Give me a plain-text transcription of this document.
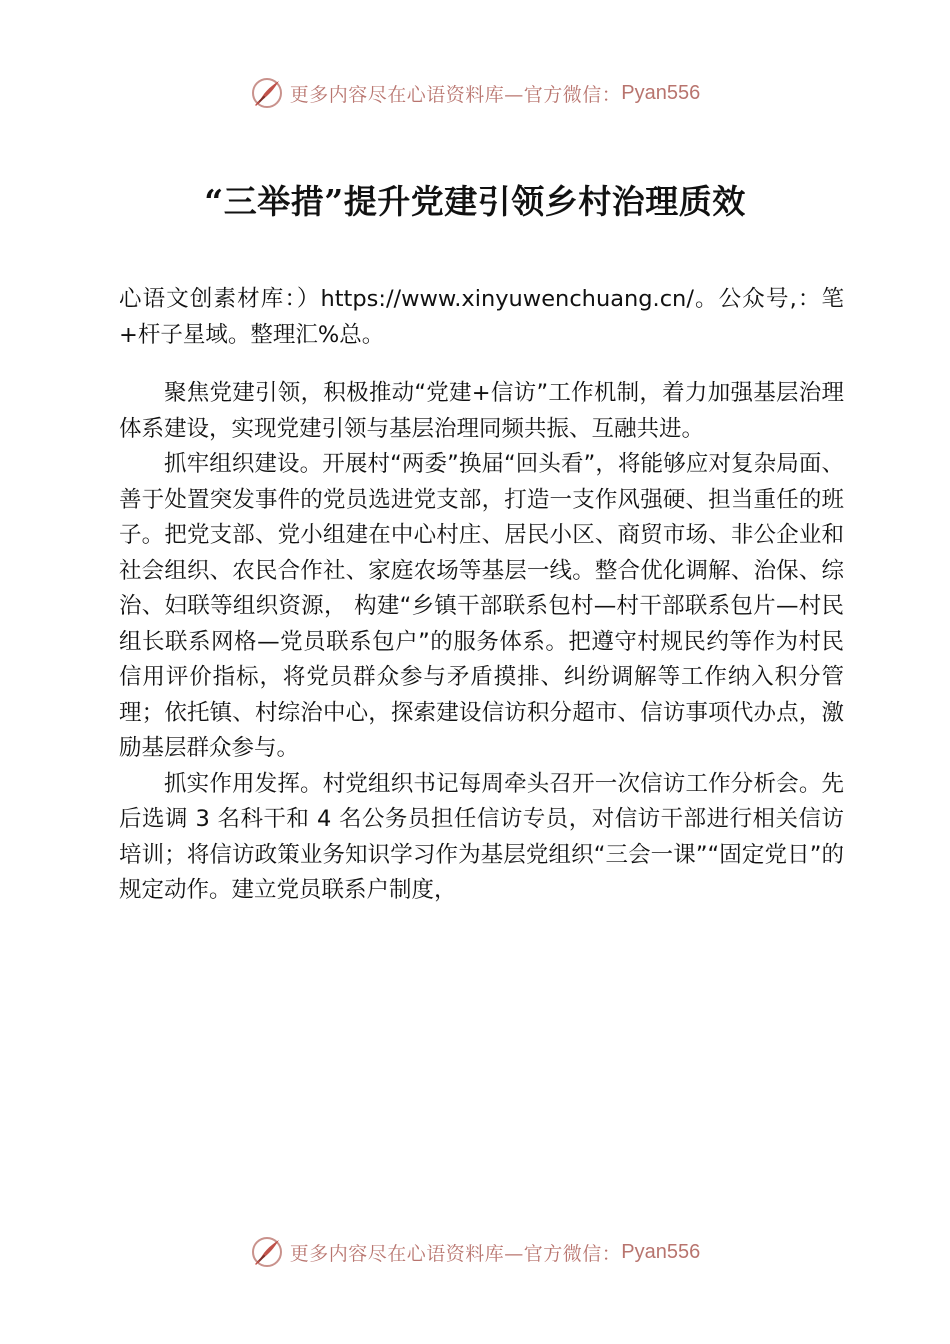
更多内容尽在心语资料库—官方微信： Pyan556
“三举措”提升党建引领乡村治理质效

心语文创素材库：）https://www.xinyuwenchuang.cn/。公众号,：笔+杆子星域。整理汇%总。

聚焦党建引领，积极推动“党建+信访”工作机制，着力加强基层治理体系建设，实现党建引领与基层治理同频共振、互融共进。

抓牢组织建设。开展村“两委”换届“回头看”，将能够应对复杂局面、善于处置突发事件的党员选进党支部，打造一支作风强硬、担当重任的班子。把党支部、党小组建在中心村庄、居民小区、商贸市场、非公企业和社会组织、农民合作社、家庭农场等基层一线。整合优化调解、治保、综治、妇联等组织资源， 构建“乡镇干部联系包村—村干部联系包片—村民组长联系网格—党员联系包户”的服务体系。把遵守村规民约等作为村民信用评价指标，将党员群众参与矛盾摸排、纠纷调解等工作纳入积分管理；依托镇、村综治中心，探索建设信访积分超市、信访事项代办点，激励基层群众参与。

抓实作用发挥。村党组织书记每周牵头召开一次信访工作分析会。先后选调 3 名科干和 4 名公务员担任信访专员，对信访干部进行相关信访培训；将信访政策业务知识学习作为基层党组织“三会一课”“固定党日”的规定动作。建立党员联系户制度，

更多内容尽在心语资料库—官方微信： Pyan556
